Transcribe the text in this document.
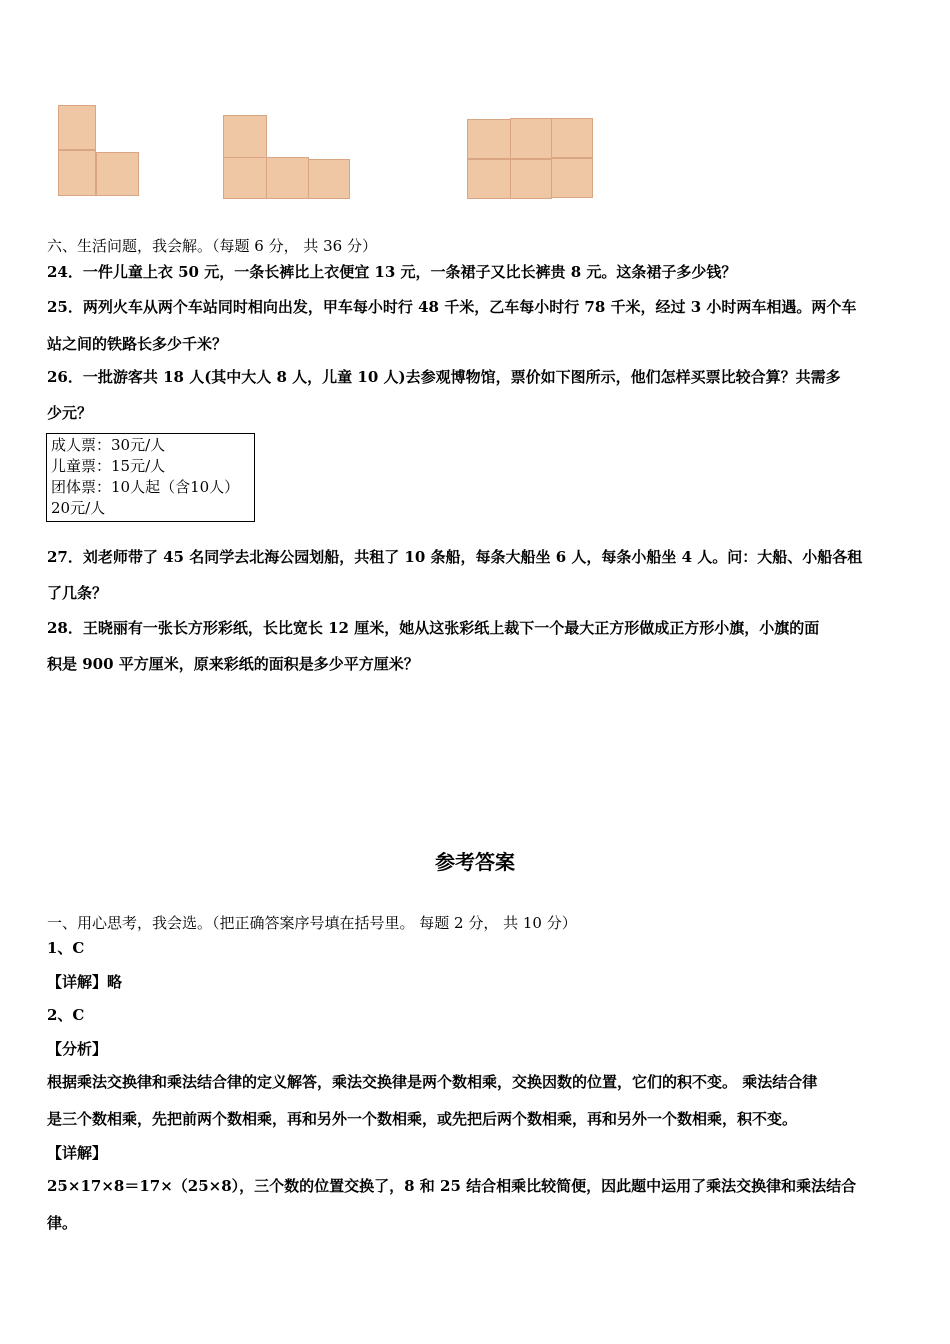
六、生活问题，我会解。（每题 6 分， 共 36 分）
24．一件儿童上衣 50 元，一条长裤比上衣便宜 13 元，一条裙子又比长裤贵 8 元。这条裙子多少钱？
25．两列火车从两个车站同时相向出发，甲车每小时行 48 千米，乙车每小时行 78 千米，经过 3 小时两车相遇。两个车
站之间的铁路长多少千米？
26．一批游客共 18 人(其中大人 8 人，儿童 10 人)去参观博物馆，票价如下图所示，他们怎样买票比较合算？共需多
少元？
成人票：30元/人
儿童票：15元/人
团体票：10人起（含10人）
20元/人
27．刘老师带了 45 名同学去北海公园划船，共租了 10 条船，每条大船坐 6 人，每条小船坐 4 人。问：大船、小船各租
了几条？
28．王晓丽有一张长方形彩纸，长比宽长 12 厘米，她从这张彩纸上裁下一个最大正方形做成正方形小旗，小旗的面
积是 900 平方厘米，原来彩纸的面积是多少平方厘米？
参考答案
一、用心思考，我会选。（把正确答案序号填在括号里。 每题 2 分， 共 10 分）
1、C
【详解】略
2、C
【分析】
根据乘法交换律和乘法结合律的定义解答，乘法交换律是两个数相乘，交换因数的位置，它们的积不变。 乘法结合律
是三个数相乘，先把前两个数相乘，再和另外一个数相乘，或先把后两个数相乘，再和另外一个数相乘，积不变。
【详解】
25×17×8＝17×（25×8），三个数的位置交换了，8 和 25 结合相乘比较简便，因此题中运用了乘法交换律和乘法结合
律。
